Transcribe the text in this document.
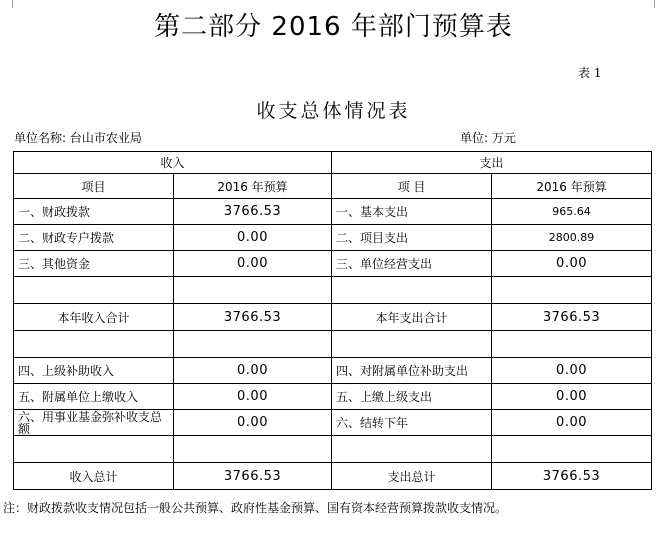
第二部分 2016 年部门预算表
表 1
收支总体情况表
单位名称: 台山市农业局	单位: 万元
收入		支出	
项目	2016 年预算	项 目	2016 年预算
一、财政拨款	3766.53	一、基本支出	965.64
二、财政专户拨款	0.00	二、项目支出	2800.89
三、其他资金	0.00	三、单位经营支出	0.00

本年收入合计	3766.53	本年支出合计	3766.53

四、上级补助收入	0.00	四、对附属单位补助支出	0.00
五、附属单位上缴收入	0.00	五、上缴上级支出	0.00
六、用事业基金弥补收支总额	0.00	六、结转下年	0.00

收入总计	3766.53	支出总计	3766.53
注：财政拨款收支情况包括一般公共预算、政府性基金预算、国有资本经营预算拨款收支情况。
